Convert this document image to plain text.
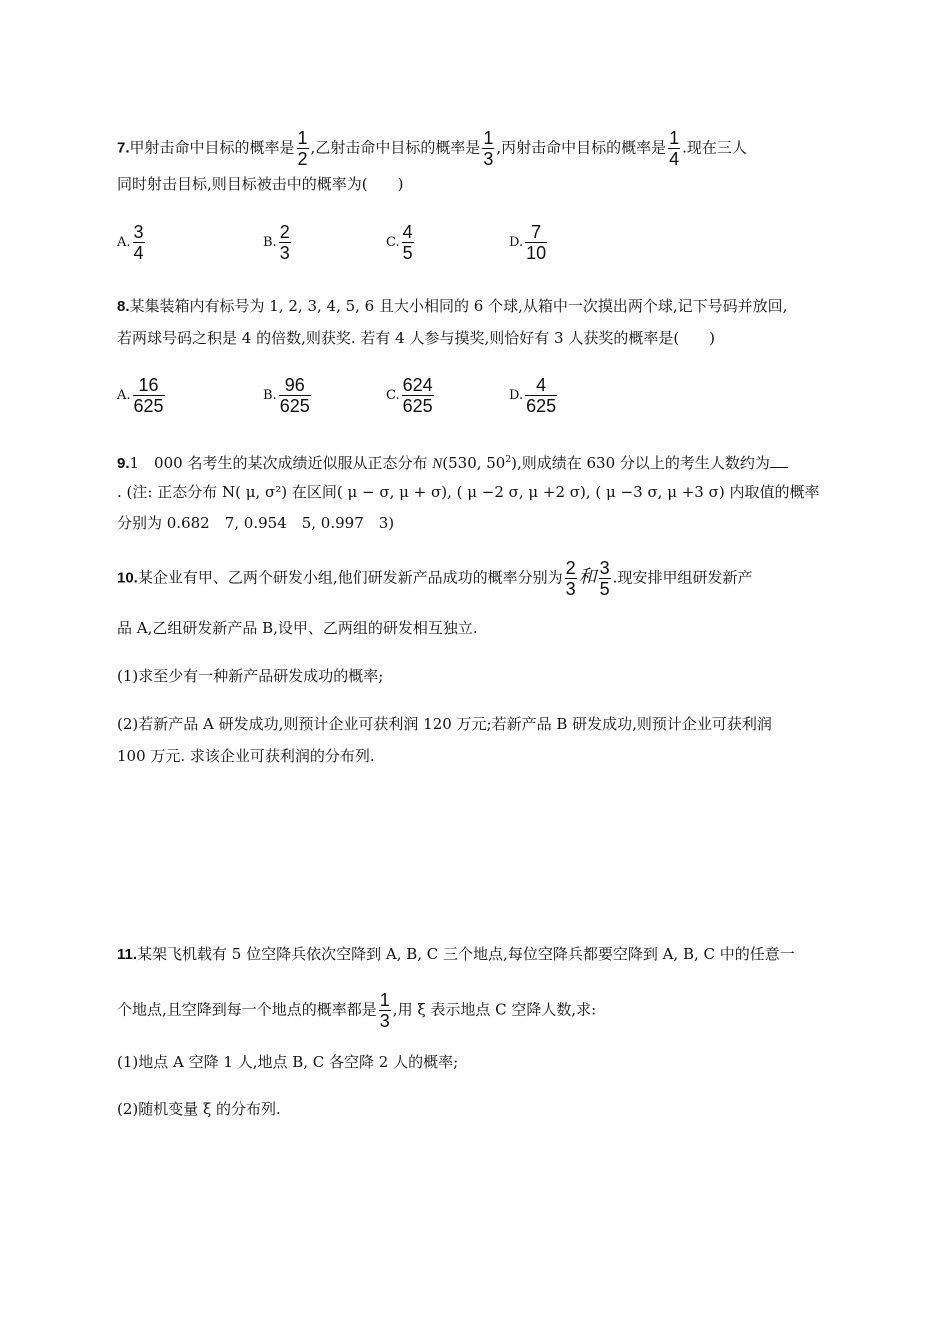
7.甲射击命中目标的概率是 $\frac{1}{2}$ ,乙射击命中目标的概率是 $\frac{1}{3}$ ,丙射击命中目标的概率是 $\frac{1}{4}$ .现在三人
同时射击目标,则目标被击中的概率为(　　)
A. $\frac{3}{4}$	B. $\frac{2}{3}$	C. $\frac{4}{5}$	D. $\frac{7}{10}$
8.某集装箱内有标号为 1, 2, 3, 4, 5, 6 且大小相同的 6 个球,从箱中一次摸出两个球,记下号码并放回,
若两球号码之积是 4 的倍数,则获奖. 若有 4 人参与摸奖,则恰好有 3 人获奖的概率是(　　)
A. $\frac{16}{625}$	B. $\frac{96}{625}$	C. $\frac{624}{625}$	D. $\frac{4}{625}$
9.1　000 名考生的某次成绩近似服从正态分布 N(530, $50^2$),则成绩在 630 分以上的考生人数约为
. (注: 正态分布 N( μ, σ²) 在区间( μ − σ, μ + σ), ( μ −2 σ, μ +2 σ), ( μ −3 σ, μ +3 σ) 内取值的概率
分别为 0.682　7, 0.954　5, 0.997　3)
10.某企业有甲、乙两个研发小组,他们研发新产品成功的概率分别为 $\frac{2}{3}$ 和 $\frac{3}{5}$ .现安排甲组研发新产
品 A,乙组研发新产品 B,设甲、乙两组的研发相互独立.
(1)求至少有一种新产品研发成功的概率;
(2)若新产品 A 研发成功,则预计企业可获利润 120 万元;若新产品 B 研发成功,则预计企业可获利润
100 万元. 求该企业可获利润的分布列.
11.某架飞机载有 5 位空降兵依次空降到 A, B, C 三个地点,每位空降兵都要空降到 A, B, C 中的任意一
个地点,且空降到每一个地点的概率都是 $\frac{1}{3}$ ,用 ξ 表示地点 C 空降人数,求:
(1)地点 A 空降 1 人,地点 B, C 各空降 2 人的概率;
(2)随机变量 ξ 的分布列.
